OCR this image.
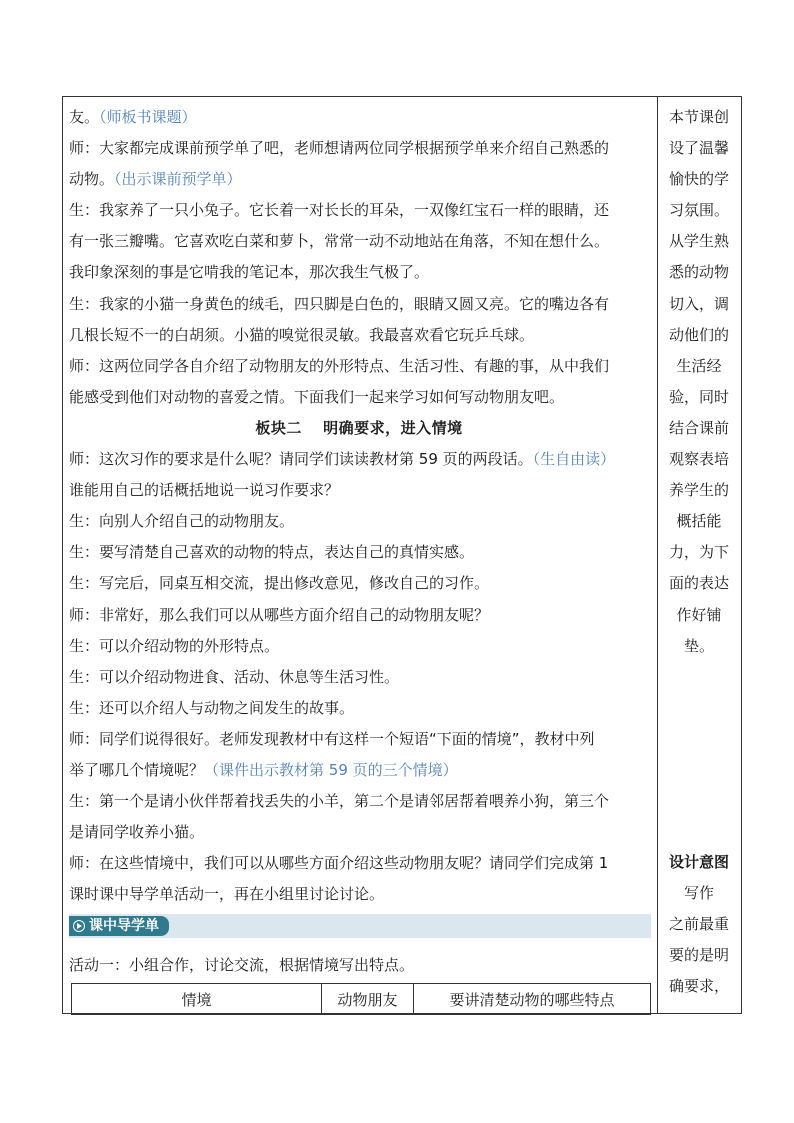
友。（师板书课题）
师：大家都完成课前预学单了吧，老师想请两位同学根据预学单来介绍自己熟悉的
动物。（出示课前预学单）
生：我家养了一只小兔子。它长着一对长长的耳朵，一双像红宝石一样的眼睛，还
有一张三瓣嘴。它喜欢吃白菜和萝卜，常常一动不动地站在角落，不知在想什么。
我印象深刻的事是它啃我的笔记本，那次我生气极了。
生：我家的小猫一身黄色的绒毛，四只脚是白色的，眼睛又圆又亮。它的嘴边各有
几根长短不一的白胡须。小猫的嗅觉很灵敏。我最喜欢看它玩乒乓球。
师：这两位同学各自介绍了动物朋友的外形特点、生活习性、有趣的事，从中我们
能感受到他们对动物的喜爱之情。下面我们一起来学习如何写动物朋友吧。
板块二　 明确要求，进入情境
师：这次习作的要求是什么呢？请同学们读读教材第 59 页的两段话。（生自由读）
谁能用自己的话概括地说一说习作要求？
生：向别人介绍自己的动物朋友。
生：要写清楚自己喜欢的动物的特点，表达自己的真情实感。
生：写完后，同桌互相交流，提出修改意见，修改自己的习作。
师：非常好，那么我们可以从哪些方面介绍自己的动物朋友呢？
生：可以介绍动物的外形特点。
生：可以介绍动物进食、活动、休息等生活习性。
生：还可以介绍人与动物之间发生的故事。
师：同学们说得很好。老师发现教材中有这样一个短语“下面的情境”，教材中列
举了哪几个情境呢？（课件出示教材第 59 页的三个情境）
生：第一个是请小伙伴帮着找丢失的小羊，第二个是请邻居帮着喂养小狗，第三个
是请同学收养小猫。
师：在这些情境中，我们可以从哪些方面介绍这些动物朋友呢？请同学们完成第 1
课时课中导学单活动一，再在小组里讨论讨论。
本节课创
设了温馨
愉快的学
习氛围。
从学生熟
悉的动物
切入，调
动他们的
生活经
验，同时
结合课前
观察表培
养学生的
概括能
力，为下
面的表达
作好铺
垫。
设计意图
写作
之前最重
要的是明
确要求，
课中导学单
活动一：小组合作，讨论交流，根据情境写出特点。
情境	动物朋友	要讲清楚动物的哪些特点
